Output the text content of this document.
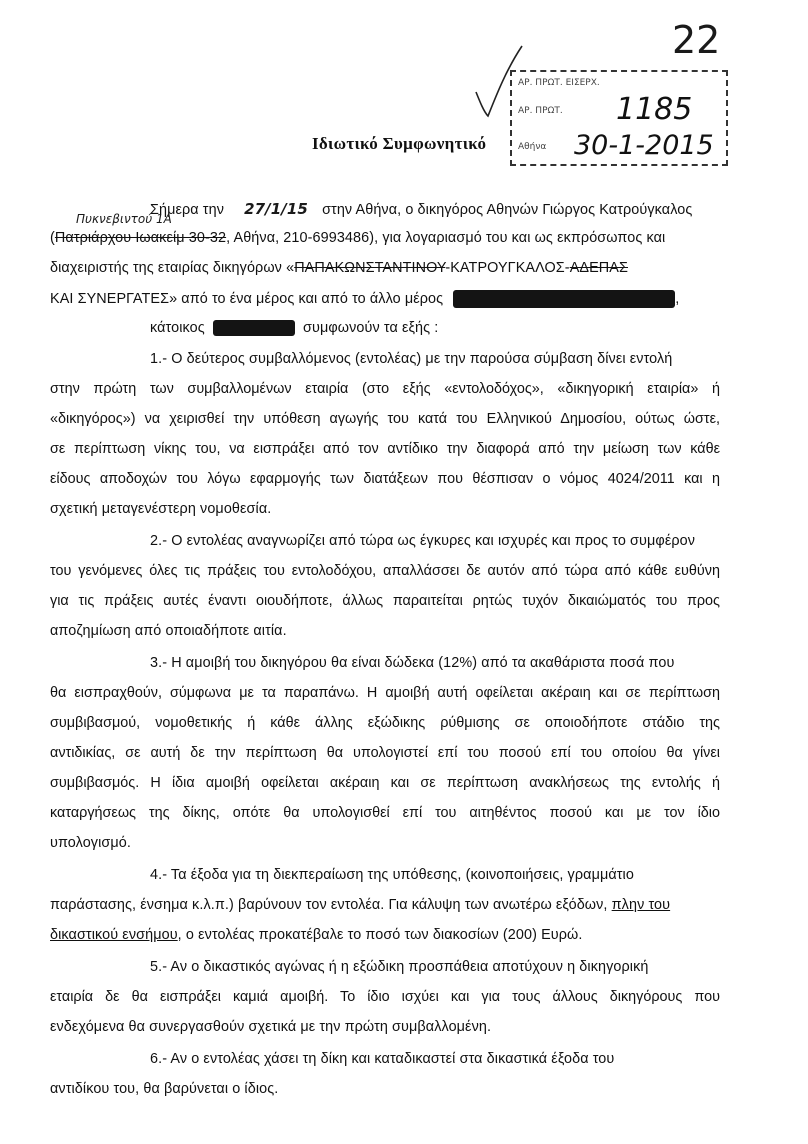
22
ΑΡ. ΠΡΩΤ. ΕΙΣΕΡΧ.
ΑΡ. ΠΡΩΤ. 1185
Αθήνα 30-1-2015
Ιδιωτικό Συμφωνητικό
Σήμερα την 27/1/15 στην Αθήνα, ο δικηγόρος Αθηνών Γιώργος Κατρούγκαλος
Πυκνεβιντού 1Α
(Πατριάρχου Ιωακείμ 30-32, Αθήνα, 210-6993486), για λογαριασμό του και ως εκπρόσωπος και
διαχειριστής της εταιρίας δικηγόρων «ΠΑΠΑΚΩΝΣΤΑΝΤΙΝΟΥ-ΚΑΤΡΟΥΓΚΑΛΟΣ-ΑΔΕΠΑΣ
ΚΑΙ ΣΥΝΕΡΓΑΤΕΣ» από το ένα μέρος και από το άλλο μέρος	,
κάτοικος	συμφωνούν τα εξής :
1.- Ο δεύτερος συμβαλλόμενος (εντολέας) με την παρούσα σύμβαση δίνει εντολή
στην πρώτη των συμβαλλομένων εταιρία (στο εξής «εντολοδόχος», «δικηγορική εταιρία» ή
«δικηγόρος») να χειρισθεί την υπόθεση αγωγής του κατά του Ελληνικού Δημοσίου, ούτως ώστε,
σε περίπτωση νίκης του, να εισπράξει από τον αντίδικο την διαφορά από την μείωση των κάθε
είδους αποδοχών του λόγω εφαρμογής των διατάξεων που θέσπισαν ο νόμος 4024/2011 και η
σχετική μεταγενέστερη νομοθεσία.
2.- Ο εντολέας αναγνωρίζει από τώρα ως έγκυρες και ισχυρές και προς το συμφέρον
του γενόμενες όλες τις πράξεις του εντολοδόχου, απαλλάσσει δε αυτόν από τώρα από κάθε ευθύνη
για τις πράξεις αυτές έναντι οιουδήποτε, άλλως παραιτείται ρητώς τυχόν δικαιώματός του προς
αποζημίωση από οποιαδήποτε αιτία.
3.- Η αμοιβή του δικηγόρου θα είναι δώδεκα (12%) από τα ακαθάριστα ποσά που
θα εισπραχθούν, σύμφωνα με τα παραπάνω. Η αμοιβή αυτή οφείλεται ακέραιη και σε περίπτωση
συμβιβασμού, νομοθετικής ή κάθε άλλης εξώδικης ρύθμισης σε οποιοδήποτε στάδιο της
αντιδικίας, σε αυτή δε την περίπτωση θα υπολογιστεί επί του ποσού επί του οποίου θα γίνει
συμβιβασμός. Η ίδια αμοιβή οφείλεται ακέραιη και σε περίπτωση ανακλήσεως της εντολής ή
καταργήσεως της δίκης, οπότε θα υπολογισθεί επί του αιτηθέντος ποσού και με τον ίδιο
υπολογισμό.
4.- Τα έξοδα για τη διεκπεραίωση της υπόθεσης, (κοινοποιήσεις, γραμμάτιο
παράστασης, ένσημα κ.λ.π.) βαρύνουν τον εντολέα. Για κάλυψη των ανωτέρω εξόδων, πλην του
δικαστικού ενσήμου, ο εντολέας προκατέβαλε το ποσό των διακοσίων (200) Ευρώ.
5.- Αν ο δικαστικός αγώνας ή η εξώδικη προσπάθεια αποτύχουν η δικηγορική
εταιρία δε θα εισπράξει καμιά αμοιβή. Το ίδιο ισχύει και για τους άλλους δικηγόρους που
ενδεχόμενα θα συνεργασθούν σχετικά με την πρώτη συμβαλλομένη.
6.- Αν ο εντολέας χάσει τη δίκη και καταδικαστεί στα δικαστικά έξοδα του
αντιδίκου του, θα βαρύνεται ο ίδιος.
